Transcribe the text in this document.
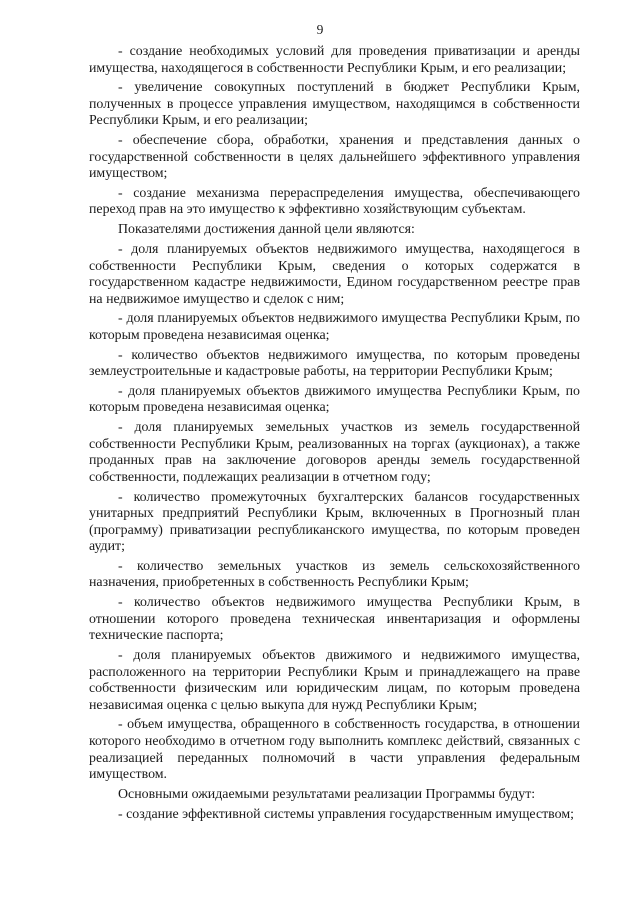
9

- создание необходимых условий для проведения приватизации и аренды имущества, находящегося в собственности Республики Крым, и его реализации;

- увеличение совокупных поступлений в бюджет Республики Крым, полученных в процессе управления имуществом, находящимся в собственности Республики Крым, и его реализации;

- обеспечение сбора, обработки, хранения и представления данных о государственной собственности в целях дальнейшего эффективного управления имуществом;

- создание механизма перераспределения имущества, обеспечивающего переход прав на это имущество к эффективно хозяйствующим субъектам.

Показателями достижения данной цели являются:

- доля планируемых объектов недвижимого имущества, находящегося в собственности Республики Крым, сведения о которых содержатся в государственном кадастре недвижимости, Едином государственном реестре прав на недвижимое имущество и сделок с ним;

- доля планируемых объектов недвижимого имущества Республики Крым, по которым проведена независимая оценка;

- количество объектов недвижимого имущества, по которым проведены землеустроительные и кадастровые работы, на территории Республики Крым;

- доля планируемых объектов движимого имущества Республики Крым, по которым проведена независимая оценка;

- доля планируемых земельных участков из земель государственной собственности Республики Крым, реализованных на торгах (аукционах), а также проданных прав на заключение договоров аренды земель государственной собственности, подлежащих реализации в отчетном году;

- количество промежуточных бухгалтерских балансов государственных унитарных предприятий Республики Крым, включенных в Прогнозный план (программу) приватизации республиканского имущества, по которым проведен аудит;

- количество земельных участков из земель сельскохозяйственного назначения, приобретенных в собственность Республики Крым;

- количество объектов недвижимого имущества Республики Крым, в отношении которого проведена техническая инвентаризация и оформлены технические паспорта;

- доля планируемых объектов движимого и недвижимого имущества, расположенного на территории Республики Крым и принадлежащего на праве собственности физическим или юридическим лицам, по которым проведена независимая оценка с целью выкупа для нужд Республики Крым;

- объем имущества, обращенного в собственность государства, в отношении которого необходимо в отчетном году выполнить комплекс действий, связанных с реализацией переданных полномочий в части управления федеральным имуществом.

Основными ожидаемыми результатами реализации Программы будут:

- создание эффективной системы управления государственным имуществом;
